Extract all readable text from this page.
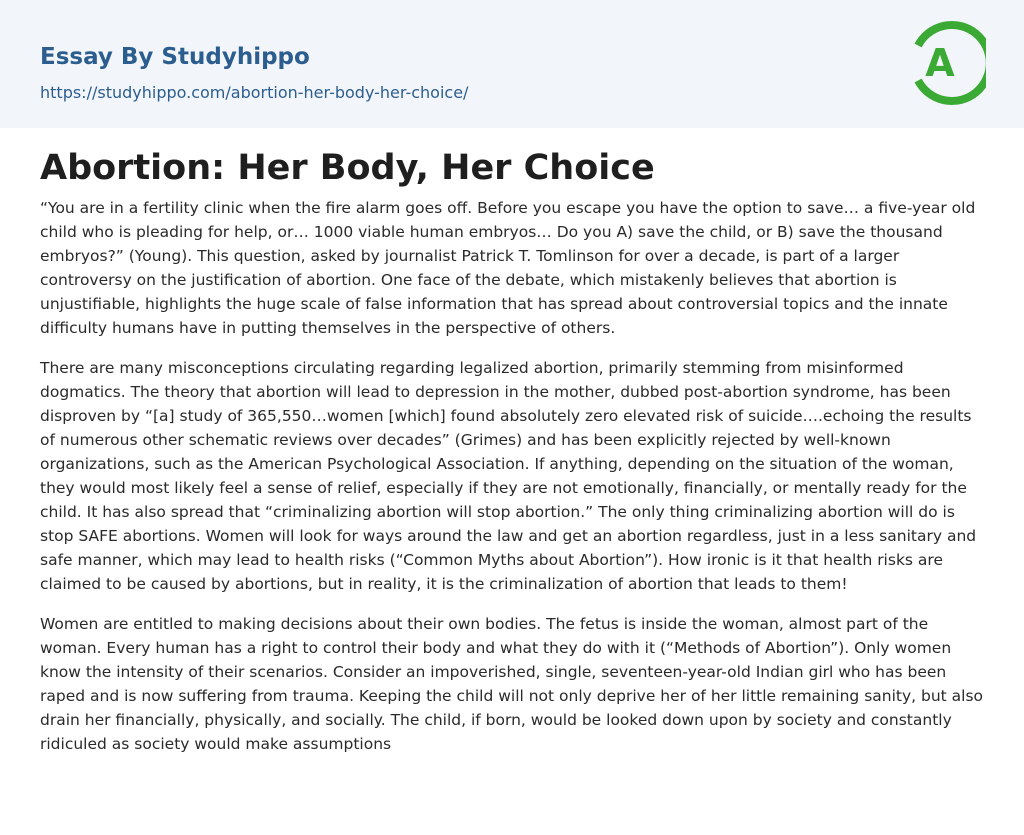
Essay By Studyhippo
https://studyhippo.com/abortion-her-body-her-choice/
A
Abortion: Her Body, Her Choice

“You are in a fertility clinic when the fire alarm goes off. Before you escape you have the option to save… a five-year old child who is pleading for help, or… 1000 viable human embryos… Do you A) save the child, or B) save the thousand embryos?” (Young). This question, asked by journalist Patrick T. Tomlinson for over a decade, is part of a larger controversy on the justification of abortion. One face of the debate, which mistakenly believes that abortion is unjustifiable, highlights the huge scale of false information that has spread about controversial topics and the innate difficulty humans have in putting themselves in the perspective of others.

There are many misconceptions circulating regarding legalized abortion, primarily stemming from misinformed dogmatics. The theory that abortion will lead to depression in the mother, dubbed post-abortion syndrome, has been disproven by “[a] study of 365,550…women [which] found absolutely zero elevated risk of suicide….echoing the results of numerous other schematic reviews over decades” (Grimes) and has been explicitly rejected by well-known organizations, such as the American Psychological Association. If anything, depending on the situation of the woman, they would most likely feel a sense of relief, especially if they are not emotionally, financially, or mentally ready for the child. It has also spread that “criminalizing abortion will stop abortion.” The only thing criminalizing abortion will do is stop SAFE abortions. Women will look for ways around the law and get an abortion regardless, just in a less sanitary and safe manner, which may lead to health risks (“Common Myths about Abortion”). How ironic is it that health risks are claimed to be caused by abortions, but in reality, it is the criminalization of abortion that leads to them!

Women are entitled to making decisions about their own bodies. The fetus is inside the woman, almost part of the woman. Every human has a right to control their body and what they do with it (“Methods of Abortion”). Only women know the intensity of their scenarios. Consider an impoverished, single, seventeen-year-old Indian girl who has been raped and is now suffering from trauma. Keeping the child will not only deprive her of her little remaining sanity, but also drain her financially, physically, and socially. The child, if born, would be looked down upon by society and constantly ridiculed as society would make assumptions
